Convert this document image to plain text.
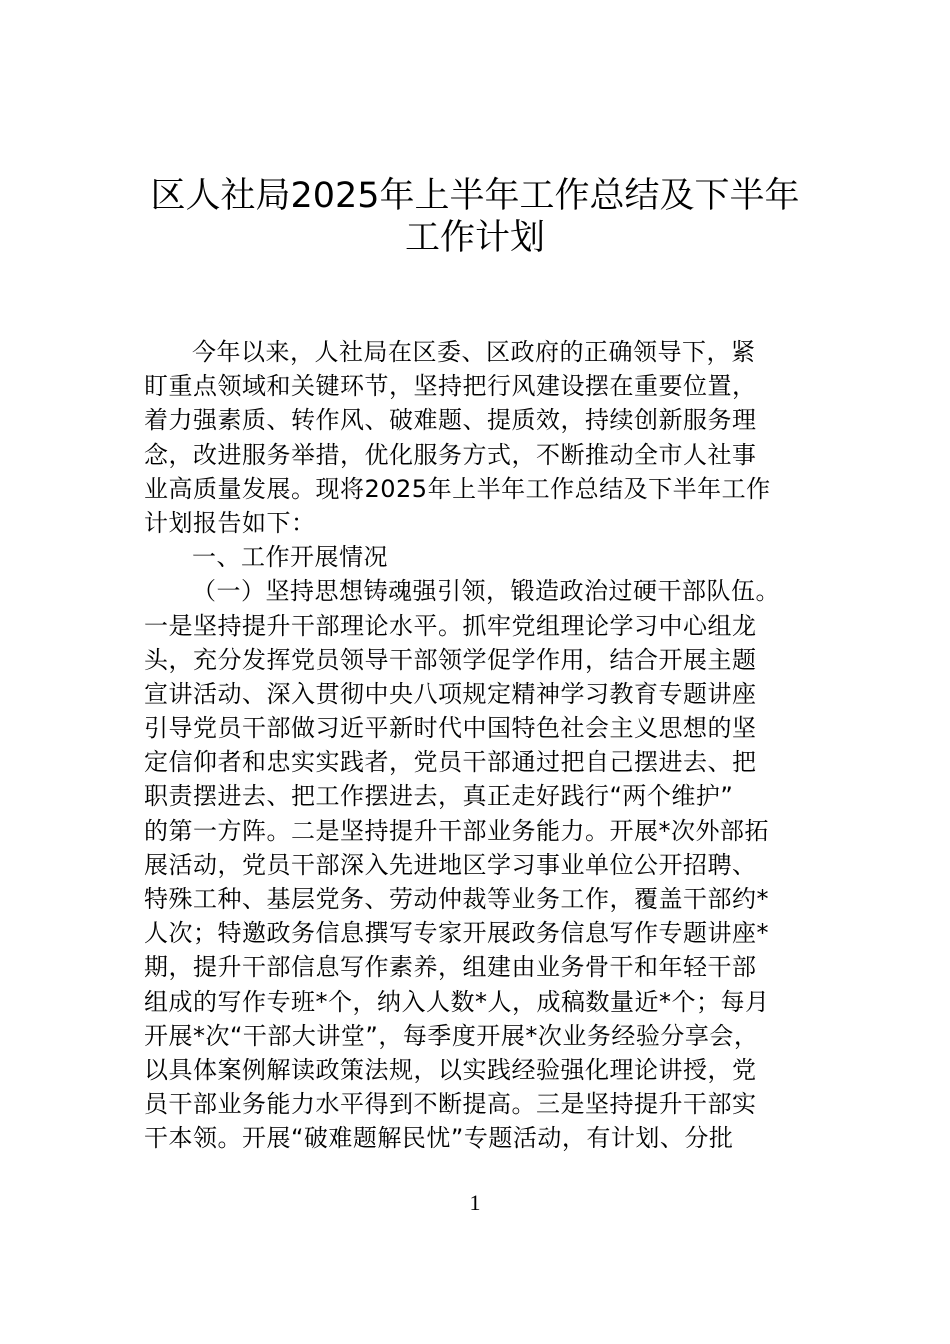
区人社局2025年上半年工作总结及下半年
工作计划
今年以来，人社局在区委、区政府的正确领导下，紧
盯重点领域和关键环节，坚持把行风建设摆在重要位置，
着力强素质、转作风、破难题、提质效，持续创新服务理
念，改进服务举措，优化服务方式，不断推动全市人社事
业高质量发展。现将2025年上半年工作总结及下半年工作
计划报告如下：
一、工作开展情况
（一）坚持思想铸魂强引领，锻造政治过硬干部队伍。
一是坚持提升干部理论水平。抓牢党组理论学习中心组龙
头，充分发挥党员领导干部领学促学作用，结合开展主题
宣讲活动、深入贯彻中央八项规定精神学习教育专题讲座
引导党员干部做习近平新时代中国特色社会主义思想的坚
定信仰者和忠实实践者，党员干部通过把自己摆进去、把
职责摆进去、把工作摆进去，真正走好践行“两个维护”
的第一方阵。二是坚持提升干部业务能力。开展*次外部拓
展活动，党员干部深入先进地区学习事业单位公开招聘、
特殊工种、基层党务、劳动仲裁等业务工作，覆盖干部约*
人次；特邀政务信息撰写专家开展政务信息写作专题讲座*
期，提升干部信息写作素养，组建由业务骨干和年轻干部
组成的写作专班*个，纳入人数*人，成稿数量近*个；每月
开展*次“干部大讲堂”，每季度开展*次业务经验分享会，
以具体案例解读政策法规，以实践经验强化理论讲授，党
员干部业务能力水平得到不断提高。三是坚持提升干部实
干本领。开展“破难题解民忧”专题活动，有计划、分批
1
